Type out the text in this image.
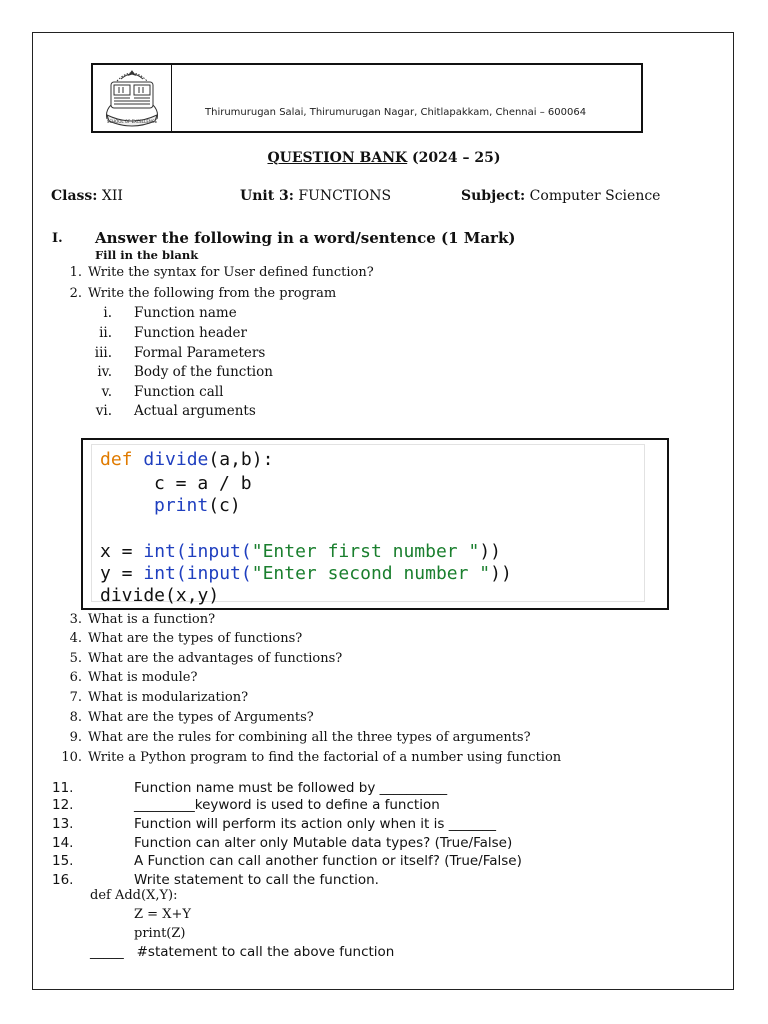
SCHOOL OF EXCELLENCE
Thirumurugan Salai, Thirumurugan Nagar, Chitlapakkam, Chennai – 600064
QUESTION BANK (2024 – 25)
Class: XII	Unit 3: FUNCTIONS	Subject: Computer Science
I. Answer the following in a word/sentence (1 Mark)
Fill in the blank
1. Write the syntax for User defined function?
2. Write the following from the program
i. Function name
ii. Function header
iii. Formal Parameters
iv. Body of the function
v. Function call
vi. Actual arguments
def divide(a,b):
c = a / b
print(c)
x = int(input("Enter first number "))
y = int(input("Enter second number "))
divide(x,y)
3. What is a function?
4. What are the types of functions?
5. What are the advantages of functions?
6. What is module?
7. What is modularization?
8. What are the types of Arguments?
9. What are the rules for combining all the three types of arguments?
10. Write a Python program to find the factorial of a number using function
11.	Function name must be followed by __________
12.	_________keyword is used to define a function
13.	Function will perform its action only when it is _______
14.	Function can alter only Mutable data types? (True/False)
15.	A Function can call another function or itself? (True/False)
16.	Write statement to call the function.
def Add(X,Y):
Z = X+Y
print(Z)
_____ #statement to call the above function
